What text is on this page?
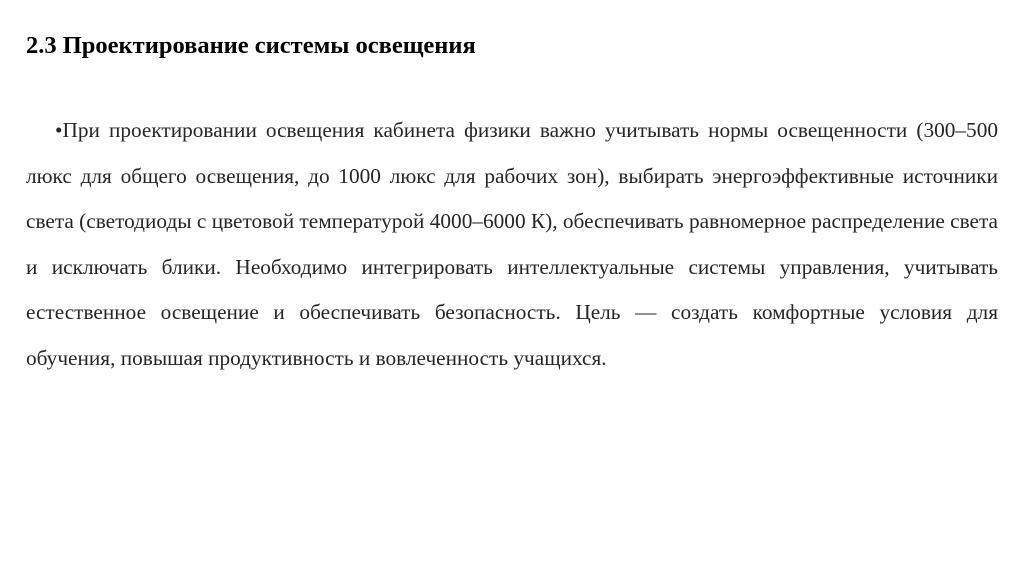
2.3 Проектирование системы освещения

•При проектировании освещения кабинета физики важно учитывать нормы освещенности (300–500 люкс для общего освещения, до 1000 люкс для рабочих зон), выбирать энергоэффективные источники света (светодиоды с цветовой температурой 4000–6000 К), обеспечивать равномерное распределение света и исключать блики. Необходимо интегрировать интеллектуальные системы управления, учитывать естественное освещение и обеспечивать безопасность. Цель — создать комфортные условия для обучения, повышая продуктивность и вовлеченность учащихся.
